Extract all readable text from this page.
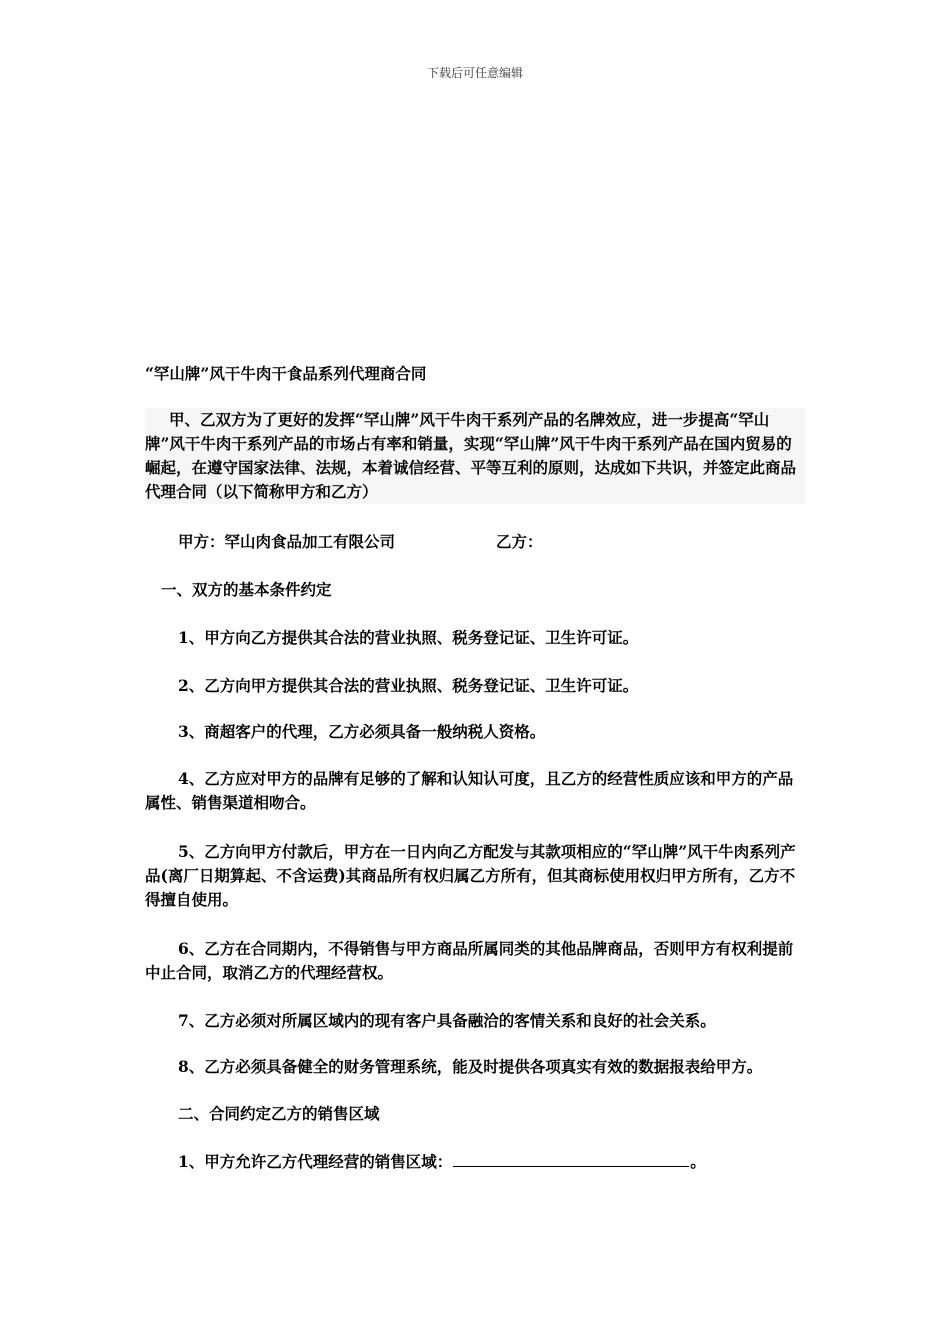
下载后可任意编辑
“罕山牌”风干牛肉干食品系列代理商合同

甲、乙双方为了更好的发挥“罕山牌”风干牛肉干系列产品的名牌效应，进一步提高“罕山牌”风干牛肉干系列产品的市场占有率和销量，实现“罕山牌”风干牛肉干系列产品在国内贸易的崛起，在遵守国家法律、法规，本着诚信经营、平等互利的原则，达成如下共识，并签定此商品代理合同（以下简称甲方和乙方）

甲方：罕山肉食品加工有限公司	乙方：

一、双方的基本条件约定

1、甲方向乙方提供其合法的营业执照、税务登记证、卫生许可证。

2、乙方向甲方提供其合法的营业执照、税务登记证、卫生许可证。

3、商超客户的代理，乙方必须具备一般纳税人资格。

4、乙方应对甲方的品牌有足够的了解和认知认可度，且乙方的经营性质应该和甲方的产品属性、销售渠道相吻合。

5、乙方向甲方付款后，甲方在一日内向乙方配发与其款项相应的“罕山牌”风干牛肉系列产品(离厂日期算起、不含运费)其商品所有权归属乙方所有，但其商标使用权归甲方所有，乙方不得擅自使用。

6、乙方在合同期内，不得销售与甲方商品所属同类的其他品牌商品，否则甲方有权利提前中止合同，取消乙方的代理经营权。

7、乙方必须对所属区域内的现有客户具备融洽的客情关系和良好的社会关系。

8、乙方必须具备健全的财务管理系统，能及时提供各项真实有效的数据报表给甲方。

二、合同约定乙方的销售区域

1、甲方允许乙方代理经营的销售区域：	。
